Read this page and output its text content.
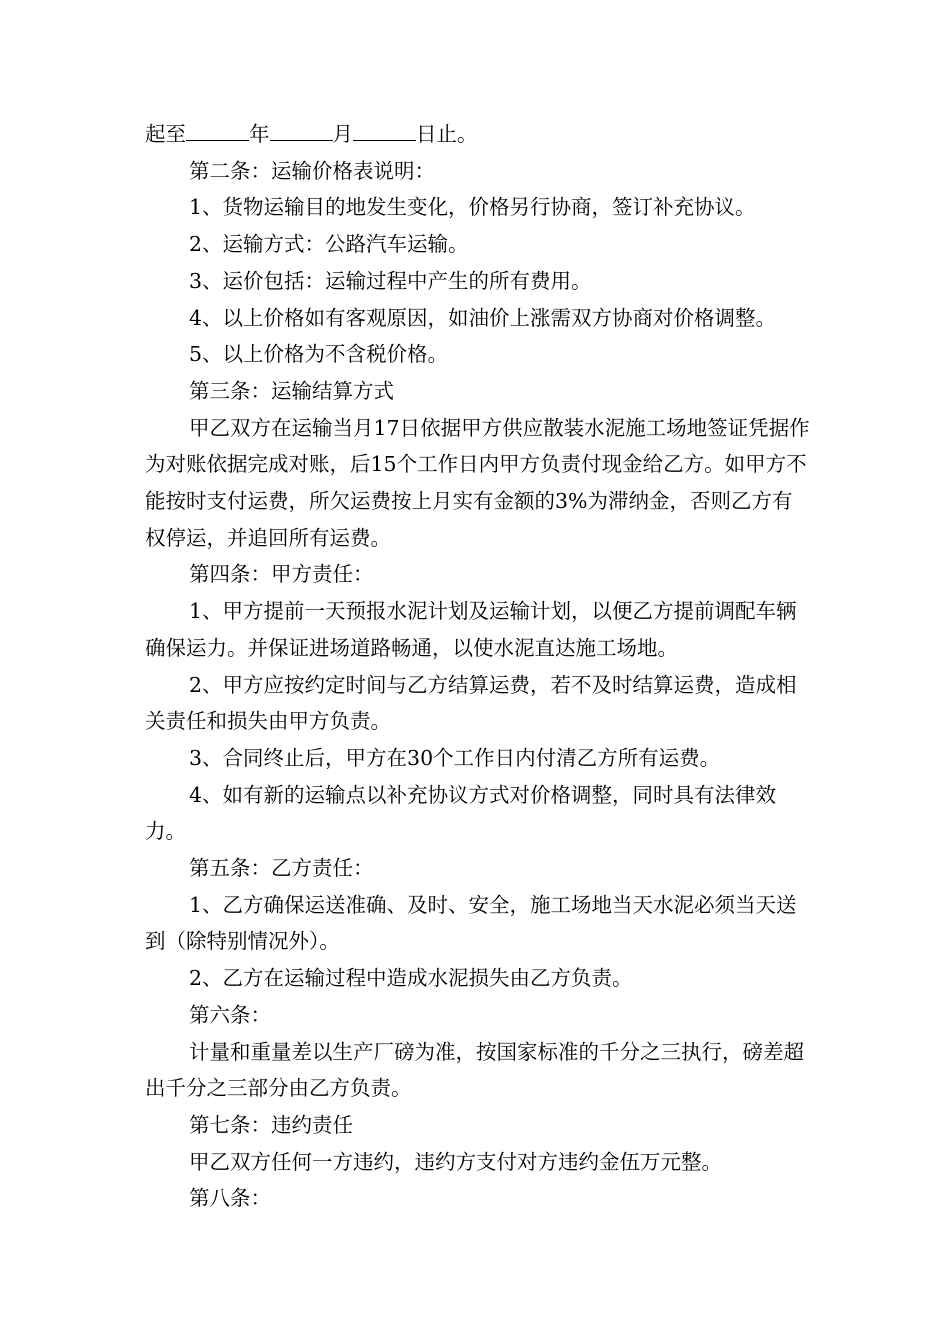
起至	年	月	日止。

第二条：运输价格表说明：

1、货物运输目的地发生变化，价格另行协商，签订补充协议。

2、运输方式：公路汽车运输。

3、运价包括：运输过程中产生的所有费用。

4、以上价格如有客观原因，如油价上涨需双方协商对价格调整。

5、以上价格为不含税价格。

第三条：运输结算方式

甲乙双方在运输当月17日依据甲方供应散装水泥施工场地签证凭据作为对账依据完成对账，后15个工作日内甲方负责付现金给乙方。如甲方不能按时支付运费，所欠运费按上月实有金额的3%为滞纳金，否则乙方有权停运，并追回所有运费。

第四条：甲方责任：

1、甲方提前一天预报水泥计划及运输计划，以便乙方提前调配车辆确保运力。并保证进场道路畅通，以使水泥直达施工场地。

2、甲方应按约定时间与乙方结算运费，若不及时结算运费，造成相关责任和损失由甲方负责。

3、合同终止后，甲方在30个工作日内付清乙方所有运费。

4、如有新的运输点以补充协议方式对价格调整，同时具有法律效力。

第五条：乙方责任：

1、乙方确保运送准确、及时、安全，施工场地当天水泥必须当天送到（除特别情况外）。

2、乙方在运输过程中造成水泥损失由乙方负责。

第六条：

计量和重量差以生产厂磅为准，按国家标准的千分之三执行，磅差超出千分之三部分由乙方负责。

第七条：违约责任

甲乙双方任何一方违约，违约方支付对方违约金伍万元整。

第八条：
